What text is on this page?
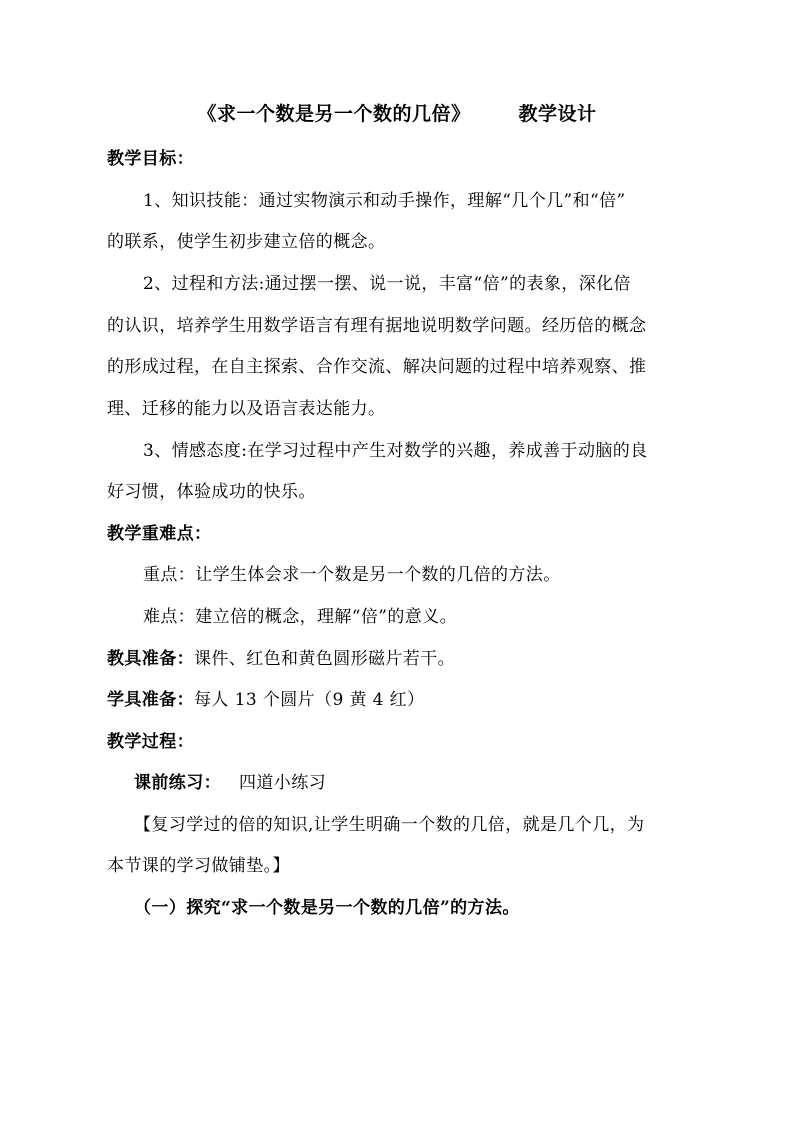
《求一个数是另一个数的几倍》	教学设计
教学目标：
1、知识技能：通过实物演示和动手操作，理解“几个几”和“倍”
的联系，使学生初步建立倍的概念。
2、过程和方法:通过摆一摆、说一说，丰富“倍”的表象，深化倍
的认识，培养学生用数学语言有理有据地说明数学问题。经历倍的概念
的形成过程，在自主探索、合作交流、解决问题的过程中培养观察、推
理、迁移的能力以及语言表达能力。
3、情感态度:在学习过程中产生对数学的兴趣，养成善于动脑的良
好习惯，体验成功的快乐。
教学重难点：
重点：让学生体会求一个数是另一个数的几倍的方法。
难点：建立倍的概念，理解“倍”的意义。
教具准备：课件、红色和黄色圆形磁片若干。
学具准备：每人 13 个圆片（9 黄 4 红）
教学过程：
课前练习： 四道小练习
【复习学过的倍的知识,让学生明确一个数的几倍，就是几个几，为
本节课的学习做铺垫。】
（一）探究“求一个数是另一个数的几倍”的方法。
